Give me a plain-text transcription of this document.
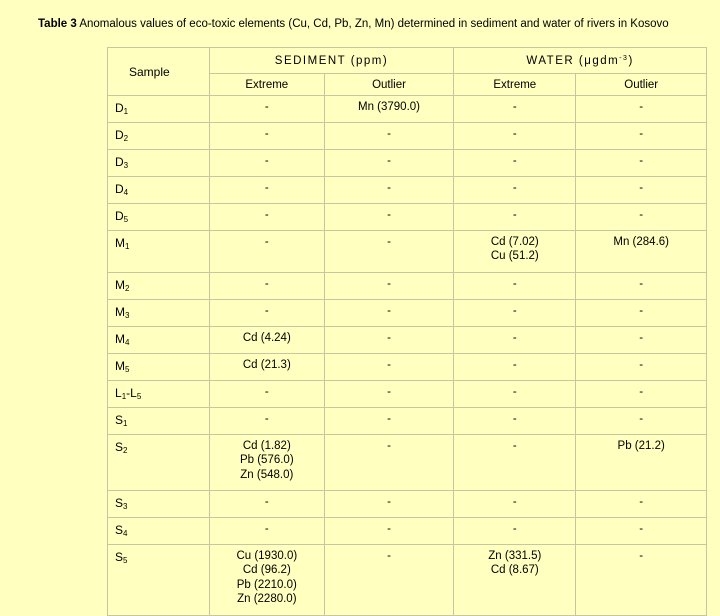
Table 3 Anomalous values of eco-toxic elements (Cu, Cd, Pb, Zn, Mn) determined in sediment and water of rivers in Kosovo
Sample	SEDIMENT (ppm)		WATER (μgdm$^{-3}$)	
	Extreme	Outlier	Extreme	Outlier
$D_1$	-	Mn (3790.0)	-	-
$D_2$	-	-	-	-
$D_3$	-	-	-	-
$D_4$	-	-	-	-
$D_5$	-	-	-	-
$M_1$	-	-	Cd (7.02)
Cu (51.2)	Mn (284.6)
$M_2$	-	-	-	-
$M_3$	-	-	-	-
$M_4$	Cd (4.24)	-	-	-
$M_5$	Cd (21.3)	-	-	-
$L_1-L_5$	-	-	-	-
$S_1$	-	-	-	-
$S_2$	Cd (1.82)
Pb (576.0)
Zn (548.0)	-	-	Pb (21.2)
$S_3$	-	-	-	-
$S_4$	-	-	-	-
$S_5$	Cu (1930.0)
Cd (96.2)
Pb (2210.0)
Zn (2280.0)	-	Zn (331.5)
Cd (8.67)	-
